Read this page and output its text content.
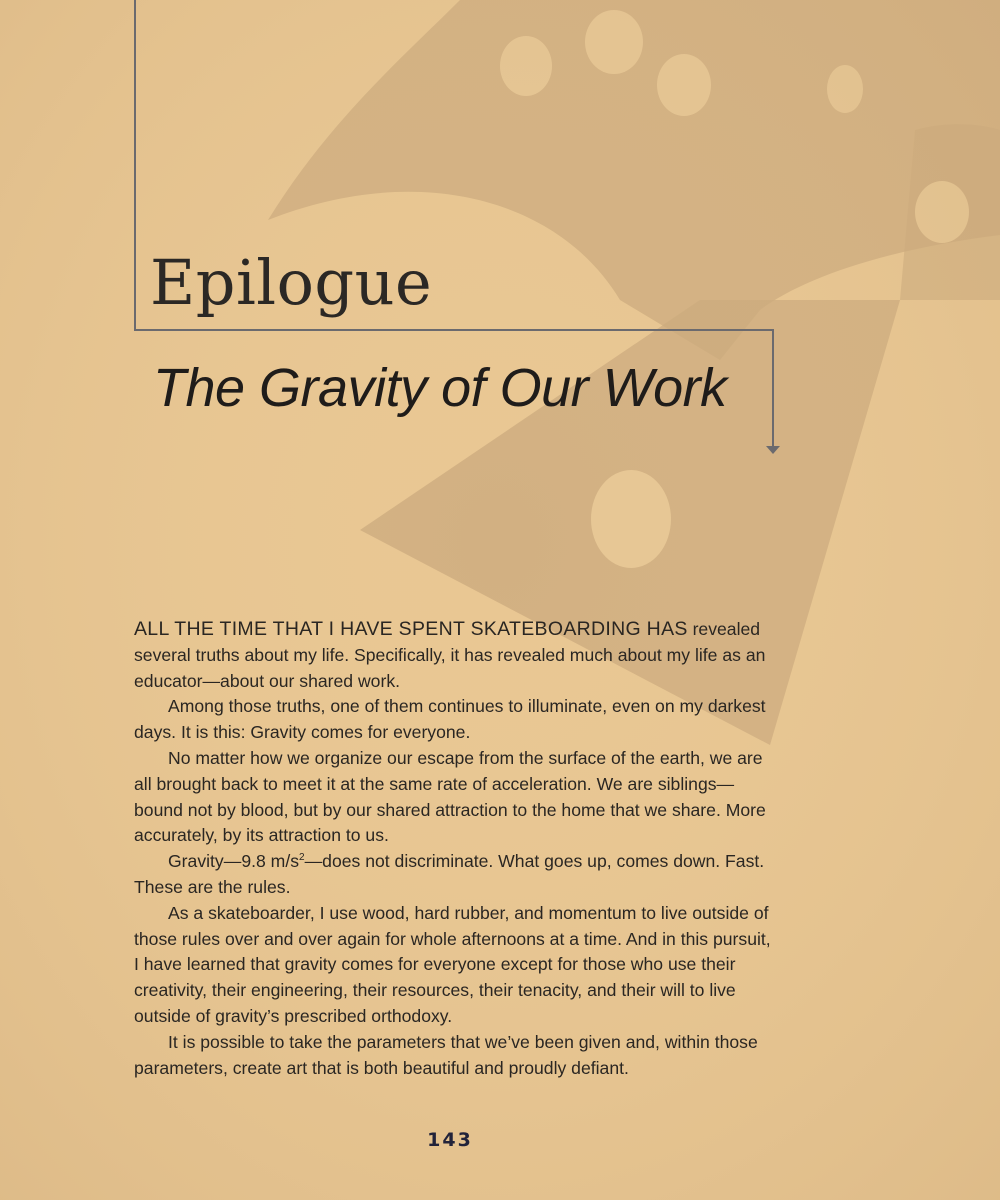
Epilogue
The Gravity of Our Work

ALL THE TIME THAT I HAVE SPENT SKATEBOARDING HAS revealed several truths about my life. Specifically, it has revealed much about my life as an educator—about our shared work.

Among those truths, one of them continues to illuminate, even on my darkest days. It is this: Gravity comes for everyone.

No matter how we organize our escape from the surface of the earth, we are all brought back to meet it at the same rate of acceleration. We are siblings—bound not by blood, but by our shared attraction to the home that we share. More accurately, by its attraction to us.

Gravity—9.8 $m/s^2—does$ not discriminate. What goes up, comes down. Fast. These are the rules.

As a skateboarder, I use wood, hard rubber, and momentum to live outside of those rules over and over again for whole afternoons at a time. And in this pursuit, I have learned that gravity comes for everyone except for those who use their creativity, their engineering, their resources, their tenacity, and their will to live outside of gravity’s prescribed orthodoxy.

It is possible to take the parameters that we’ve been given and, within those parameters, create art that is both beautiful and proudly defiant.

143
